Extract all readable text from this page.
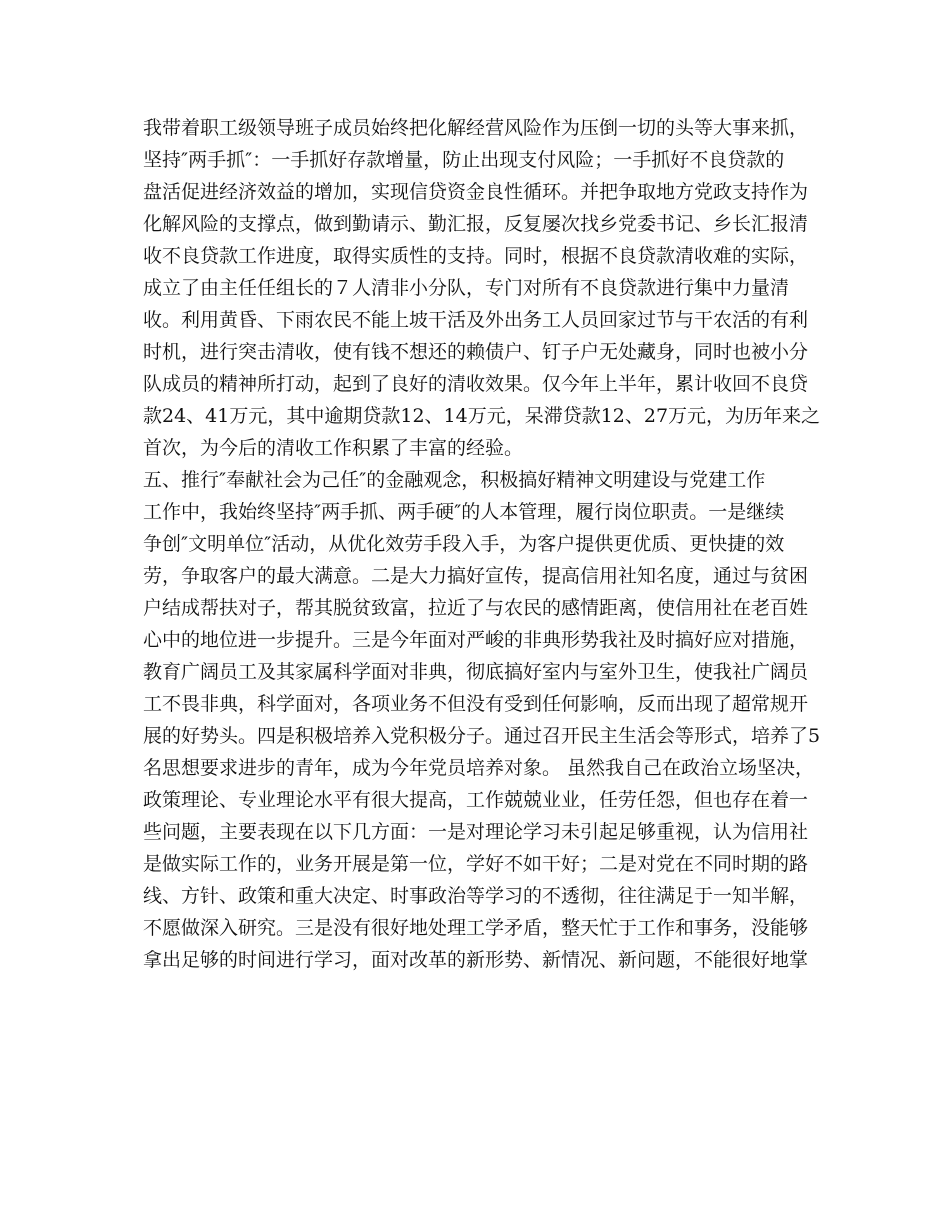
我带着职工级领导班子成员始终把化解经营风险作为压倒一切的头等大事来抓，
坚持″两手抓″：一手抓好存款增量，防止出现支付风险；一手抓好不良贷款的
盘活促进经济效益的增加，实现信贷资金良性循环。并把争取地方党政支持作为
化解风险的支撑点，做到勤请示、勤汇报，反复屡次找乡党委书记、乡长汇报清
收不良贷款工作进度，取得实质性的支持。同时，根据不良贷款清收难的实际，
成立了由主任任组长的７人清非小分队，专门对所有不良贷款进行集中力量清
收。利用黄昏、下雨农民不能上坡干活及外出务工人员回家过节与干农活的有利
时机，进行突击清收，使有钱不想还的赖债户、钉子户无处藏身，同时也被小分
队成员的精神所打动，起到了良好的清收效果。仅今年上半年，累计收回不良贷
款24、41万元，其中逾期贷款12、14万元，呆滞贷款12、27万元，为历年来之
首次，为今后的清收工作积累了丰富的经验。
五、推行″奉献社会为己任″的金融观念，积极搞好精神文明建设与党建工作
工作中，我始终坚持″两手抓、两手硬″的人本管理，履行岗位职责。一是继续
争创″文明单位″活动，从优化效劳手段入手，为客户提供更优质、更快捷的效
劳，争取客户的最大满意。二是大力搞好宣传，提高信用社知名度，通过与贫困
户结成帮扶对子，帮其脱贫致富，拉近了与农民的感情距离，使信用社在老百姓
心中的地位进一步提升。三是今年面对严峻的非典形势我社及时搞好应对措施，
教育广阔员工及其家属科学面对非典，彻底搞好室内与室外卫生，使我社广阔员
工不畏非典，科学面对，各项业务不但没有受到任何影响，反而出现了超常规开
展的好势头。四是积极培养入党积极分子。通过召开民主生活会等形式，培养了5
名思想要求进步的青年，成为今年党员培养对象。 虽然我自己在政治立场坚决，
政策理论、专业理论水平有很大提高，工作兢兢业业，任劳任怨，但也存在着一
些问题，主要表现在以下几方面：一是对理论学习未引起足够重视，认为信用社
是做实际工作的，业务开展是第一位，学好不如干好；二是对党在不同时期的路
线、方针、政策和重大决定、时事政治等学习的不透彻，往往满足于一知半解，
不愿做深入研究。三是没有很好地处理工学矛盾，整天忙于工作和事务，没能够
拿出足够的时间进行学习，面对改革的新形势、新情况、新问题，不能很好地掌
